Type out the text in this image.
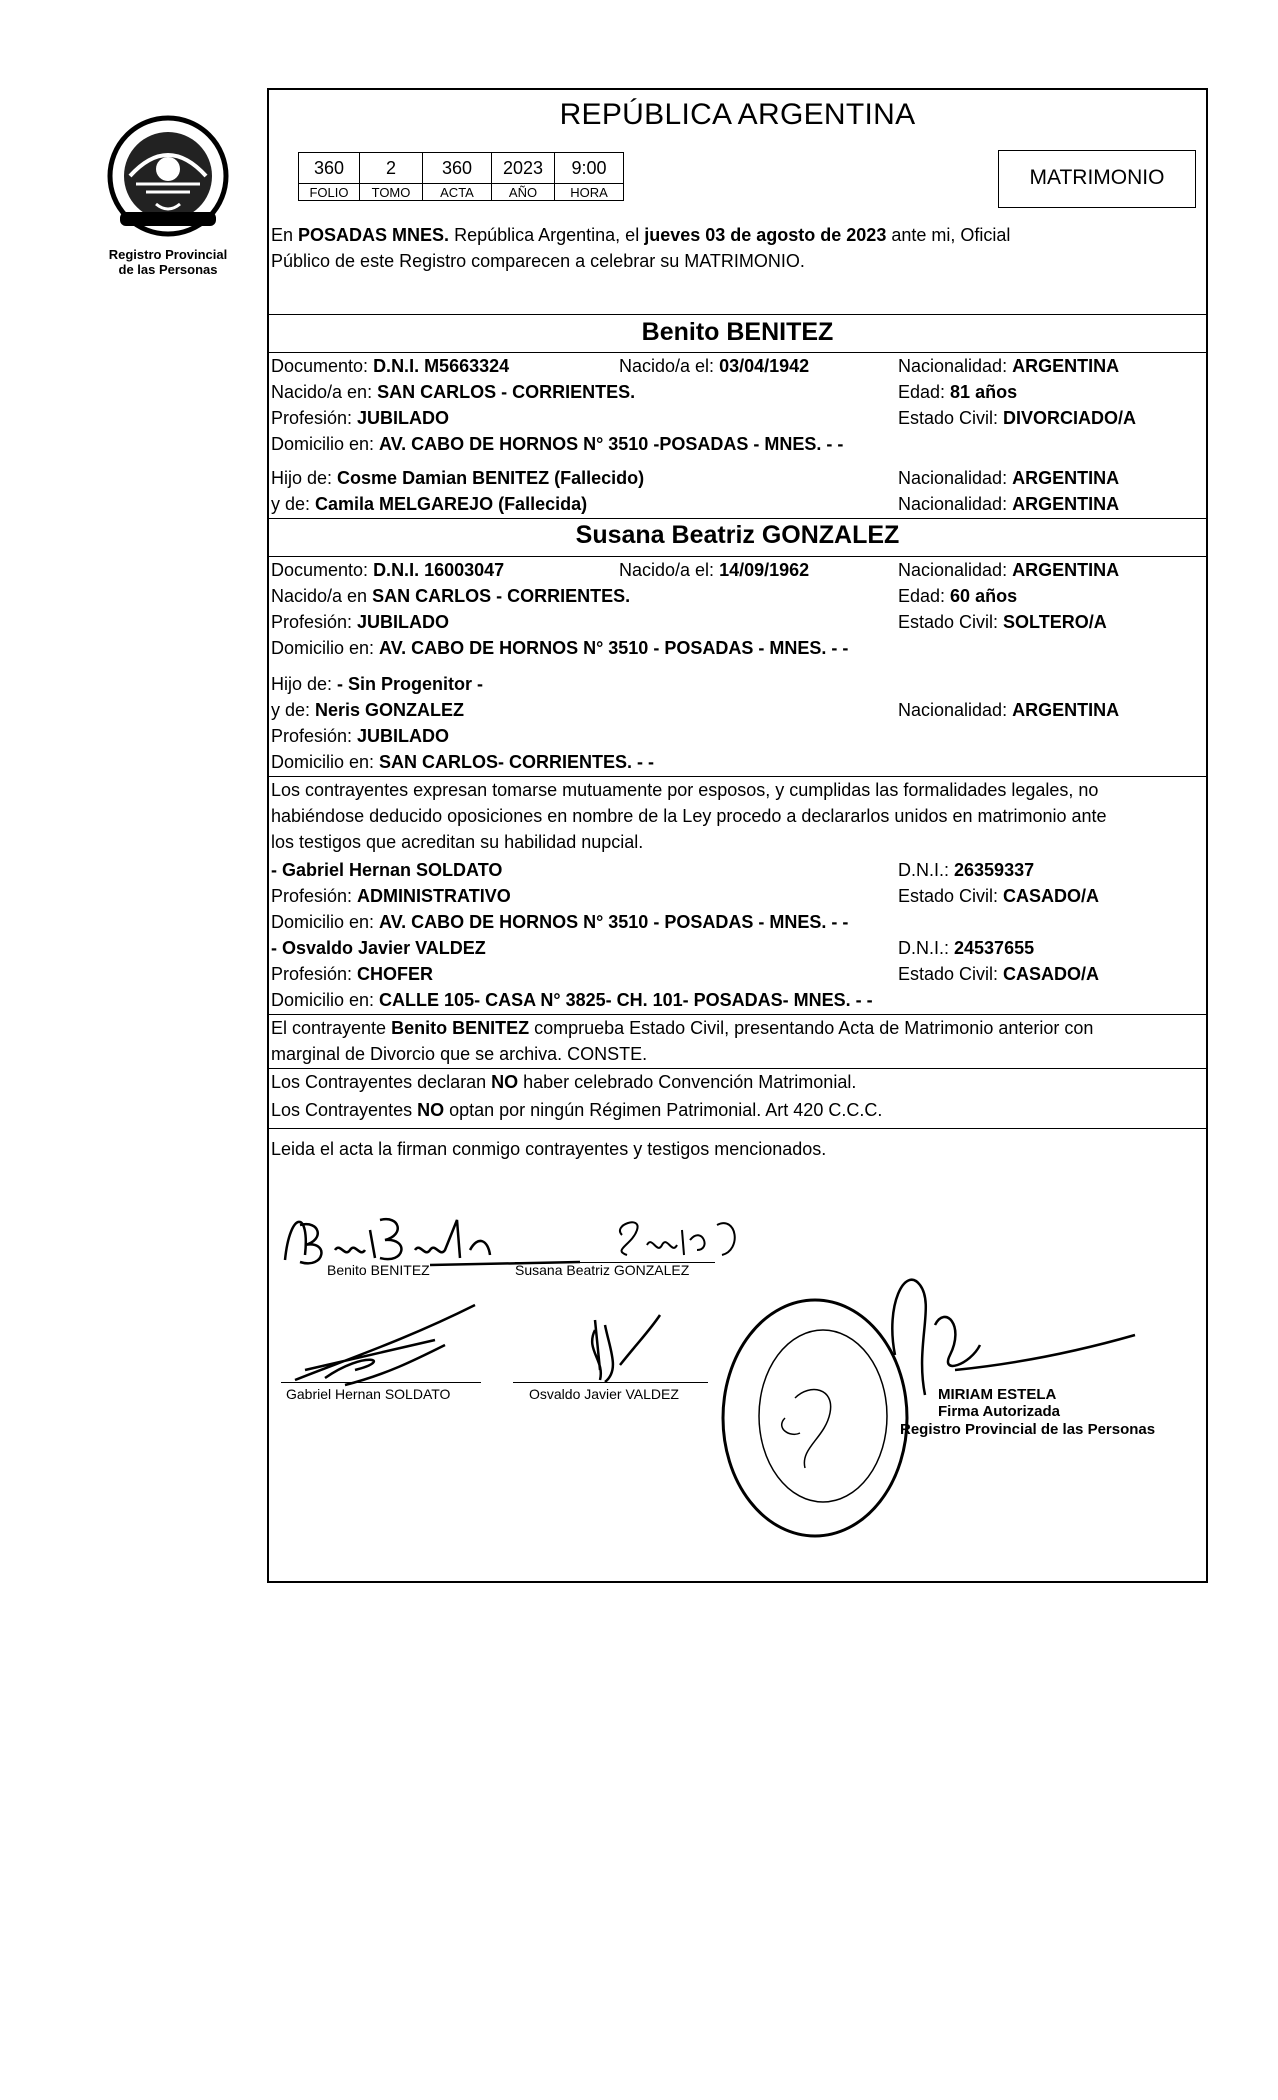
Registro Provincial
de las Personas
REPÚBLICA ARGENTINA
360	2	360	2023	9:00
FOLIO	TOMO	ACTA	AÑO	HORA
MATRIMONIO
En POSADAS MNES. República Argentina, el jueves 03 de agosto de 2023 ante mi, Oficial
Público de este Registro comparecen a celebrar su MATRIMONIO.
Benito BENITEZ
Documento: D.N.I. M5663324	Nacido/a el: 03/04/1942	Nacionalidad: ARGENTINA
Nacido/a en: SAN CARLOS - CORRIENTES.	Edad: 81 años
Profesión: JUBILADO	Estado Civil: DIVORCIADO/A
Domicilio en: AV. CABO DE HORNOS N° 3510 -POSADAS - MNES. - -
Hijo de: Cosme Damian BENITEZ (Fallecido)	Nacionalidad: ARGENTINA
y de: Camila MELGAREJO (Fallecida)	Nacionalidad: ARGENTINA
Susana Beatriz GONZALEZ
Documento: D.N.I. 16003047	Nacido/a el: 14/09/1962	Nacionalidad: ARGENTINA
Nacido/a en SAN CARLOS - CORRIENTES.	Edad: 60 años
Profesión: JUBILADO	Estado Civil: SOLTERO/A
Domicilio en: AV. CABO DE HORNOS N° 3510 - POSADAS - MNES. - -
Hijo de: - Sin Progenitor -
y de: Neris GONZALEZ	Nacionalidad: ARGENTINA
Profesión: JUBILADO
Domicilio en: SAN CARLOS- CORRIENTES. - -
Los contrayentes expresan tomarse mutuamente por esposos, y cumplidas las formalidades legales, no
habiéndose deducido oposiciones en nombre de la Ley procedo a declararlos unidos en matrimonio ante
los testigos que acreditan su habilidad nupcial.
- Gabriel Hernan SOLDATO	D.N.I.: 26359337
Profesión: ADMINISTRATIVO	Estado Civil: CASADO/A
Domicilio en: AV. CABO DE HORNOS N° 3510 - POSADAS - MNES. - -
- Osvaldo Javier VALDEZ	D.N.I.: 24537655
Profesión: CHOFER	Estado Civil: CASADO/A
Domicilio en: CALLE 105- CASA N° 3825- CH. 101- POSADAS- MNES. - -
El contrayente Benito BENITEZ comprueba Estado Civil, presentando Acta de Matrimonio anterior con
marginal de Divorcio que se archiva. CONSTE.
Los Contrayentes declaran NO haber celebrado Convención Matrimonial.
Los Contrayentes NO optan por ningún Régimen Patrimonial. Art 420 C.C.C.
Leida el acta la firman conmigo contrayentes y testigos mencionados.
Benito BENITEZ	Susana Beatriz GONZALEZ
Gabriel Hernan SOLDATO	Osvaldo Javier VALDEZ	MIRIAM ESTELA
Firma Autorizada
Registro Provincial de las Personas
